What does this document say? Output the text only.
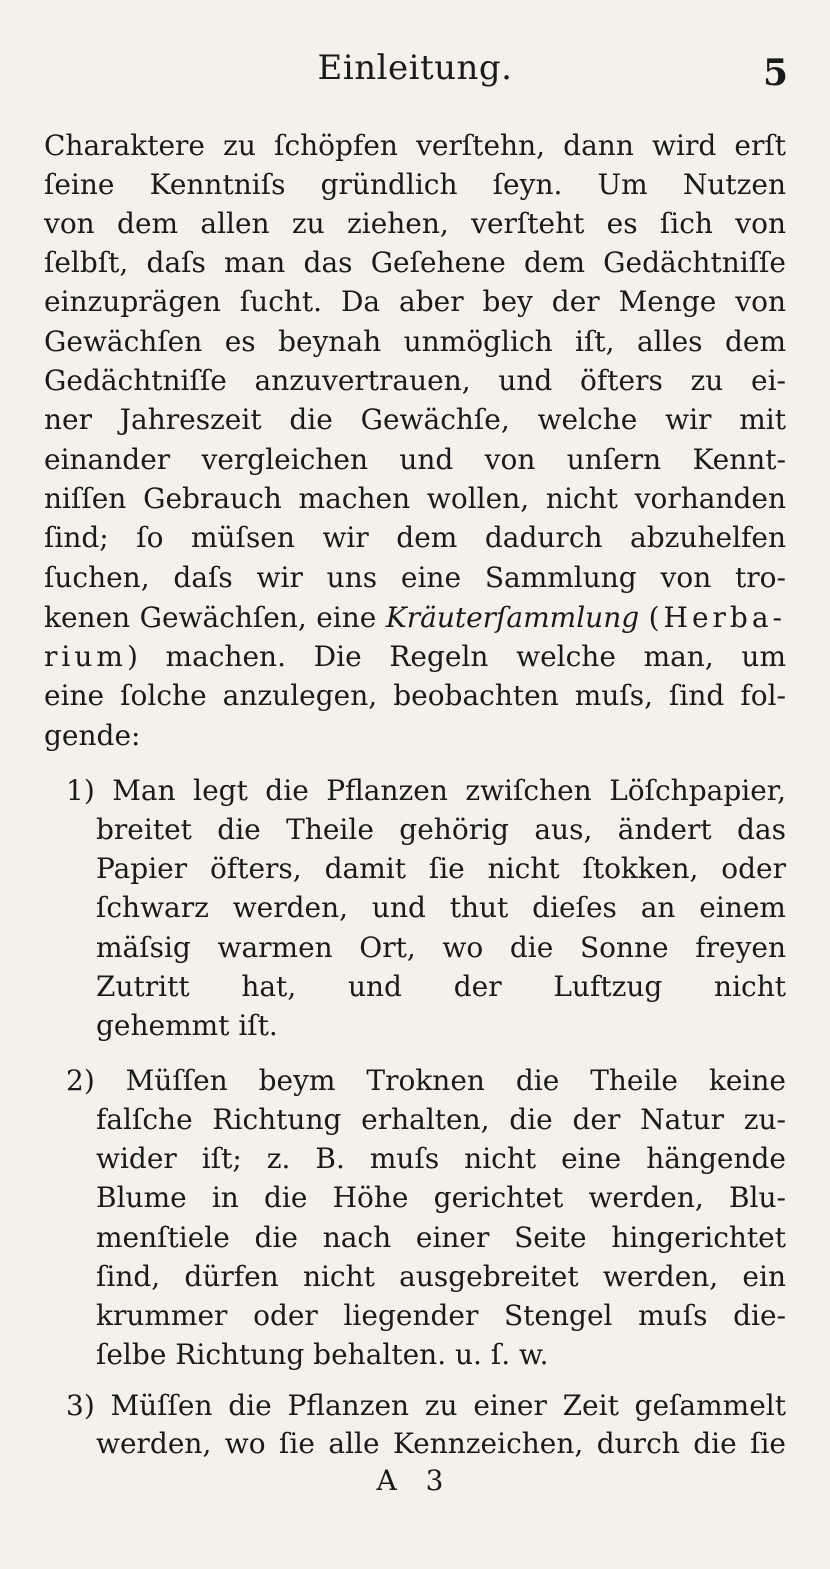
Einleitung.	5
Charaktere zu ſchöpfen verſtehn, dann wird erſt
ſeine Kenntniſs gründlich ſeyn. Um Nutzen
von dem allen zu ziehen, verſteht es ſich von
ſelbſt, daſs man das Geſehene dem Gedächtniſſe
einzuprägen ſucht. Da aber bey der Menge von
Gewächſen es beynah unmöglich iſt, alles dem
Gedächtniſſe anzuvertrauen, und öfters zu ei-
ner Jahreszeit die Gewächſe, welche wir mit
einander vergleichen und von unſern Kennt-
niſſen Gebrauch machen wollen, nicht vorhanden
ſind; ſo müſsen wir dem dadurch abzuhelfen
ſuchen, daſs wir uns eine Sammlung von tro-
kenen Gewächſen, eine Kräuterſammlung (Herba-
rium) machen. Die Regeln welche man, um
eine ſolche anzulegen, beobachten muſs, ſind fol-
gende:
1) Man legt die Pflanzen zwiſchen Löſchpapier,
breitet die Theile gehörig aus, ändert das
Papier öfters, damit ſie nicht ſtokken, oder
ſchwarz werden, und thut dieſes an einem
mäſsig warmen Ort, wo die Sonne freyen
Zutritt hat, und der Luftzug nicht
gehemmt iſt.
2) Müſſen beym Troknen die Theile keine
falſche Richtung erhalten, die der Natur zu-
wider iſt; z. B. muſs nicht eine hängende
Blume in die Höhe gerichtet werden, Blu-
menſtiele die nach einer Seite hingerichtet
ſind, dürfen nicht ausgebreitet werden, ein
krummer oder liegender Stengel muſs die-
ſelbe Richtung behalten. u. ſ. w.
3) Müſſen die Pflanzen zu einer Zeit geſammelt
werden, wo ſie alle Kennzeichen, durch die ſie
A 3
